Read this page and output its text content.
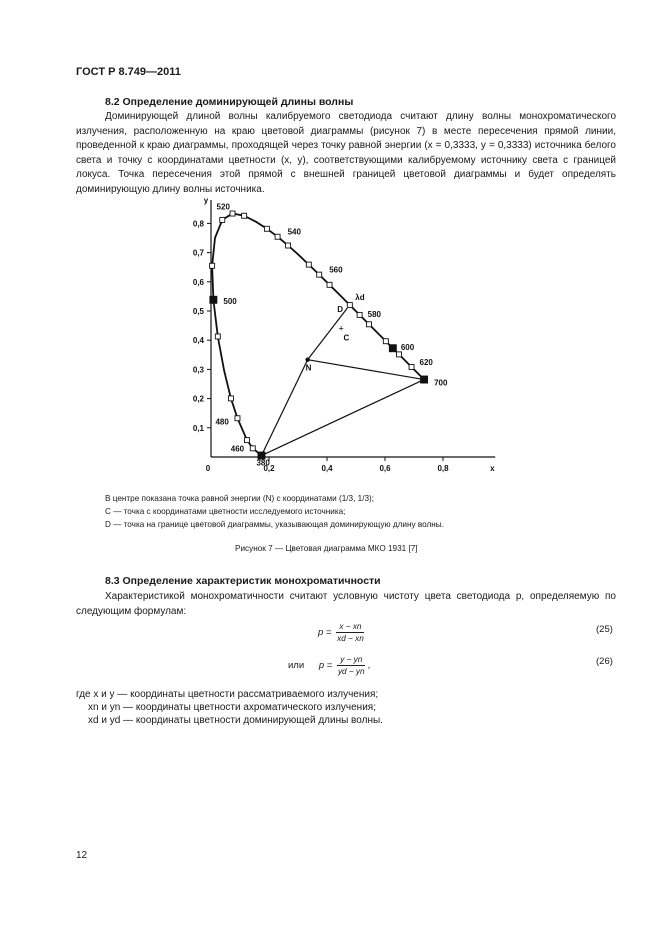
ГОСТ Р 8.749—2011
8.2 Определение доминирующей длины волны
Доминирующей длиной волны калибруемого светодиода считают длину волны монохроматического излучения, расположенную на краю цветовой диаграммы (рисунок 7) в месте пересечения прямой линии, проведенной к краю диаграммы, проходящей через точку равной энергии (x = 0,3333, y = 0,3333) источника белого света и точку с координатами цветности (x, y), соответствующими калибруемому источнику света с границей локуса. Точка пересечения этой прямой с внешней границей цветовой диаграммы и будет определять доминирующую длину волны источника.
+
0,2	0,4	0,6	0,8
0,1
0,2
0,3
0,4
0,5
0,6
0,7
0,8
0	x
y
N
C
D
λd
380
460
480
500
520
540
560
580
600
620
700
В центре показана точка равной энергии (N) с координатами (1/3, 1/3);
С — точка с координатами цветности исследуемого источника;
D — точка на границе цветовой диаграммы, указывающая доминирующую длину волны.
Рисунок 7 — Цветовая диаграмма МКО 1931 [7]
8.3 Определение характеристик монохроматичности
Характеристикой монохроматичности считают условную чистоту цвета светодиода p, определяемую по следующим формулам:
$p = \frac{x - xn}{xd - xn}$	(25)
или $p = \frac{y - yn}{yd - yn}$ ,	(26)
где x и y — координаты цветности рассматриваемого излучения;
xn и yn — координаты цветности ахроматического излучения;
xd и yd — координаты цветности доминирующей длины волны.
12
